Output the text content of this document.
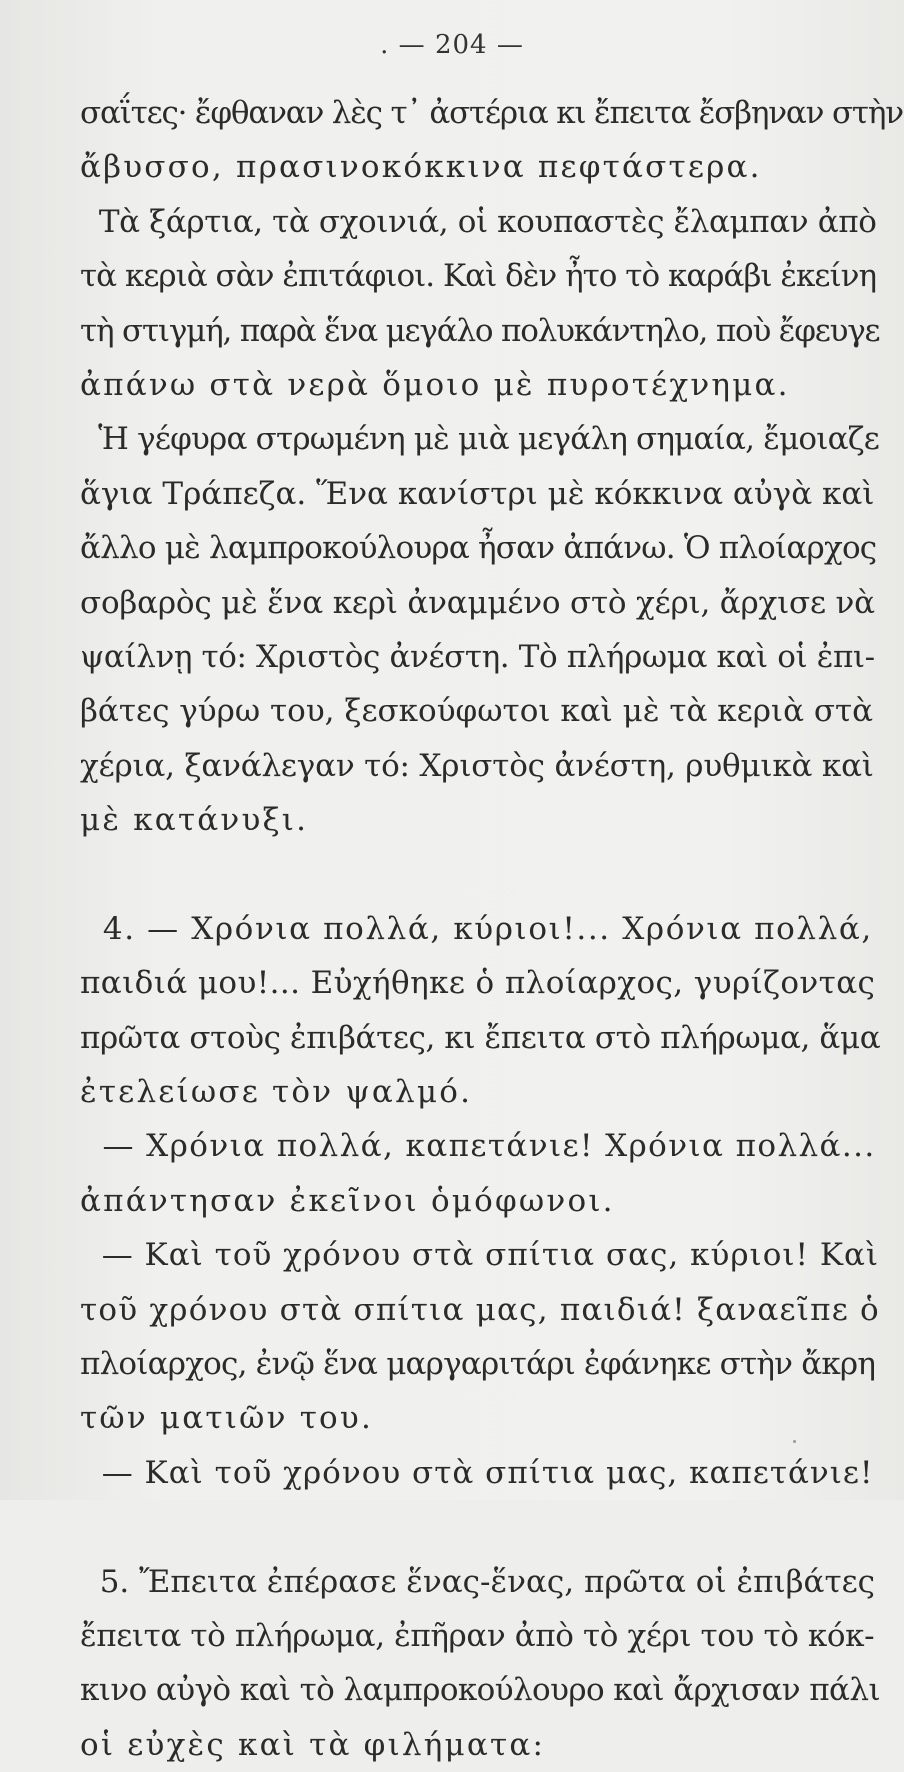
. — 204 —
σαΐτες· ἔφθαναν λὲς τ᾽ ἀστέρια κι ἔπειτα ἔσβηναν στὴν
ἄβυσσο, πρασινοκόκκινα πεφτάστερα.
Τὰ ξάρτια, τὰ σχοινιά, οἱ κουπαστὲς ἔλαμπαν ἀπὸ
τὰ κεριὰ σὰν ἐπιτάφιοι. Καὶ δὲν ἦτο τὸ καράβι ἐκείνη
τὴ στιγμή, παρὰ ἕνα μεγάλο πολυκάντηλο, ποὺ ἔφευγε
ἀπάνω στὰ νερὰ ὅμοιο μὲ πυροτέχνημα.
Ἡ γέφυρα στρωμένη μὲ μιὰ μεγάλη σημαία, ἔμοιαζε
ἅγια Τράπεζα. Ἕνα κανίστρι μὲ κόκκινα αὐγὰ καὶ
ἄλλο μὲ λαμπροκούλουρα ἦσαν ἀπάνω. Ὁ πλοίαρχος
σοβαρὸς μὲ ἕνα κερὶ ἀναμμένο στὸ χέρι, ἄρχισε νὰ
ψαίλνῃ τό: Χριστὸς ἀνέστη. Τὸ πλήρωμα καὶ οἱ ἐπι-
βάτες γύρω του, ξεσκούφωτοι καὶ μὲ τὰ κεριὰ στὰ
χέρια, ξανάλεγαν τό: Χριστὸς ἀνέστη, ρυθμικὰ καὶ
μὲ κατάνυξι.
4. — Χρόνια πολλά, κύριοι!... Χρόνια πολλά,
παιδιά μου!... Εὐχήθηκε ὁ πλοίαρχος, γυρίζοντας
πρῶτα στοὺς ἐπιβάτες, κι ἔπειτα στὸ πλήρωμα, ἅμα
ἐτελείωσε τὸν ψαλμό.
— Χρόνια πολλά, καπετάνιε! Χρόνια πολλά...
ἀπάντησαν ἐκεῖνοι ὁμόφωνοι.
— Καὶ τοῦ χρόνου στὰ σπίτια σας, κύριοι! Καὶ
τοῦ χρόνου στὰ σπίτια μας, παιδιά! ξαναεῖπε ὁ
πλοίαρχος, ἐνῷ ἕνα μαργαριτάρι ἐφάνηκε στὴν ἄκρη
τῶν ματιῶν του.
— Καὶ τοῦ χρόνου στὰ σπίτια μας, καπετάνιε!
5. Ἔπειτα ἐπέρασε ἕνας-ἕνας, πρῶτα οἱ ἐπιβάτες
ἔπειτα τὸ πλήρωμα, ἐπῆραν ἀπὸ τὸ χέρι του τὸ κόκ-
κινο αὐγὸ καὶ τὸ λαμπροκούλουρο καὶ ἄρχισαν πάλι
οἱ εὐχὲς καὶ τὰ φιλήματα:
